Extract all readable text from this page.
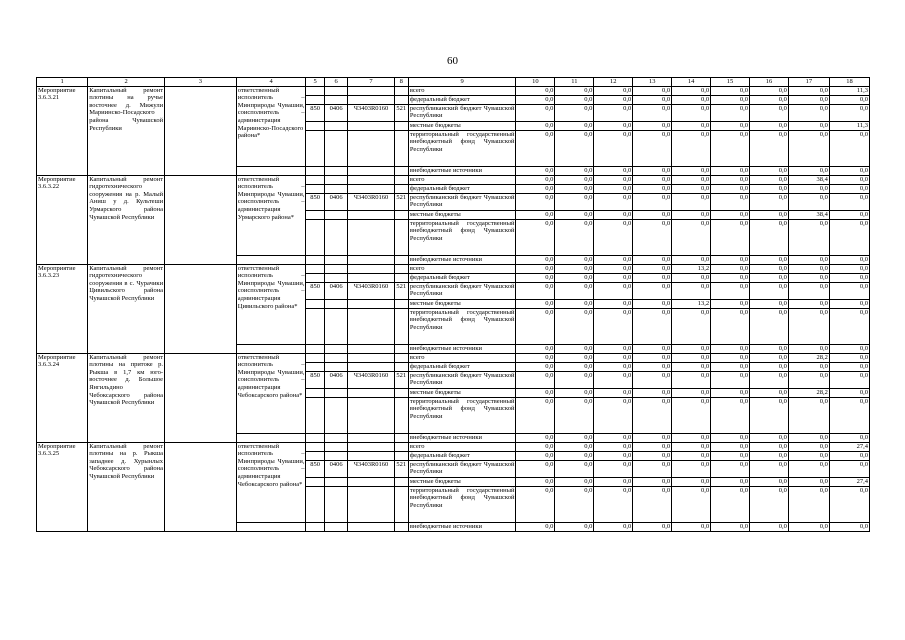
60
1	2	3	4	5	6	7	8	9	10	11	12	13	14	15	16	17	18
Мероприятие 3.6.3.21	Капитальный ремонт плотины на ручье восточнее д. Мижули Мариинско-Посадского района Чувашской Республики		ответственный исполнитель – Минприроды Чувашии, соисполнитель – администрация Мариинско-Посадского района*					всего	0,0	0,0	0,0	0,0	0,0	0,0	0,0	0,0	11,3
								федеральный бюджет	0,0	0,0	0,0	0,0	0,0	0,0	0,0	0,0	0,0
				850	0406	Ч3403R0160	521	республиканский бюджет Чувашской Республики	0,0	0,0	0,0	0,0	0,0	0,0	0,0	0,0	0,0
								местные бюджеты	0,0	0,0	0,0	0,0	0,0	0,0	0,0	0,0	11,3
								территориальный государственный внебюджетный фонд Чувашской Республики	0,0	0,0	0,0	0,0	0,0	0,0	0,0	0,0	0,0
								внебюджетные источники	0,0	0,0	0,0	0,0	0,0	0,0	0,0	0,0	0,0
Мероприятие 3.6.3.22	Капитальный ремонт гидротехнического сооружения на р. Малый Аниш у д. Культеши Урмарского района Чувашской Республики		ответственный исполнитель – Минприроды Чувашии, соисполнитель – администрация Урмарского района*					всего	0,0	0,0	0,0	0,0	0,0	0,0	0,0	38,4	0,0
								федеральный бюджет	0,0	0,0	0,0	0,0	0,0	0,0	0,0	0,0	0,0
				850	0406	Ч3403R0160	521	республиканский бюджет Чувашской Республики	0,0	0,0	0,0	0,0	0,0	0,0	0,0	0,0	0,0
								местные бюджеты	0,0	0,0	0,0	0,0	0,0	0,0	0,0	38,4	0,0
								территориальный государственный внебюджетный фонд Чувашской Республики	0,0	0,0	0,0	0,0	0,0	0,0	0,0	0,0	0,0
								внебюджетные источники	0,0	0,0	0,0	0,0	0,0	0,0	0,0	0,0	0,0
Мероприятие 3.6.3.23	Капитальный ремонт гидротехнического сооружения в с. Чурачики Цивильского района Чувашской Республики		ответственный исполнитель – Минприроды Чувашии, соисполнитель – администрация Цивильского района*					всего	0,0	0,0	0,0	0,0	13,2	0,0	0,0	0,0	0,0
								федеральный бюджет	0,0	0,0	0,0	0,0	0,0	0,0	0,0	0,0	0,0
				850	0406	Ч3403R0160	521	республиканский бюджет Чувашской Республики	0,0	0,0	0,0	0,0	0,0	0,0	0,0	0,0	0,0
								местные бюджеты	0,0	0,0	0,0	0,0	13,2	0,0	0,0	0,0	0,0
								территориальный государственный внебюджетный фонд Чувашской Республики	0,0	0,0	0,0	0,0	0,0	0,0	0,0	0,0	0,0
								внебюджетные источники	0,0	0,0	0,0	0,0	0,0	0,0	0,0	0,0	0,0
Мероприятие 3.6.3.24	Капитальный ремонт плотины на притоке р. Рыкша в 1,7 км юго-восточнее д. Большое Янгильдино Чебоксарского района Чувашской Республики		ответственный исполнитель – Минприроды Чувашии, соисполнитель – администрация Чебоксарского района*					всего	0,0	0,0	0,0	0,0	0,0	0,0	0,0	28,2	0,0
								федеральный бюджет	0,0	0,0	0,0	0,0	0,0	0,0	0,0	0,0	0,0
				850	0406	Ч3403R0160	521	республиканский бюджет Чувашской Республики	0,0	0,0	0,0	0,0	0,0	0,0	0,0	0,0	0,0
								местные бюджеты	0,0	0,0	0,0	0,0	0,0	0,0	0,0	28,2	0,0
								территориальный государственный внебюджетный фонд Чувашской Республики	0,0	0,0	0,0	0,0	0,0	0,0	0,0	0,0	0,0
								внебюджетные источники	0,0	0,0	0,0	0,0	0,0	0,0	0,0	0,0	0,0
Мероприятие 3.6.3.25	Капитальный ремонт плотины на р. Рыкша западнее д. Хурынлых Чебоксарского района Чувашской Республики		ответственный исполнитель – Минприроды Чувашии, соисполнитель – администрация Чебоксарского района*					всего	0,0	0,0	0,0	0,0	0,0	0,0	0,0	0,0	27,4
								федеральный бюджет	0,0	0,0	0,0	0,0	0,0	0,0	0,0	0,0	0,0
				850	0406	Ч3403R0160	521	республиканский бюджет Чувашской Республики	0,0	0,0	0,0	0,0	0,0	0,0	0,0	0,0	0,0
								местные бюджеты	0,0	0,0	0,0	0,0	0,0	0,0	0,0	0,0	27,4
								территориальный государственный внебюджетный фонд Чувашской Республики	0,0	0,0	0,0	0,0	0,0	0,0	0,0	0,0	0,0
								внебюджетные источники	0,0	0,0	0,0	0,0	0,0	0,0	0,0	0,0	0,0
